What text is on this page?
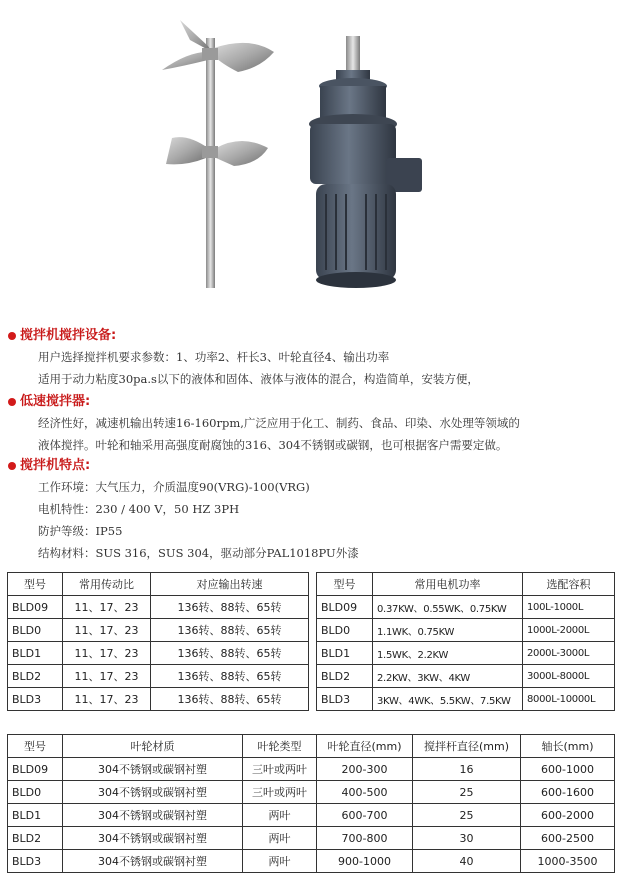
搅拌机搅拌设备:
用户选择搅拌机要求参数：1、功率2、杆长3、叶轮直径4、输出功率
适用于动力粘度30pa.s以下的液体和固体、液体与液体的混合，构造简单，安装方便，
低速搅拌器:
经济性好，减速机输出转速16-160rpm,广泛应用于化工、制药、食品、印染、水处理等领域的
液体搅拌。叶轮和轴采用高强度耐腐蚀的316、304不锈钢或碳钢，也可根据客户需要定做。
搅拌机特点:
工作环境：大气压力，介质温度90(VRG)-100(VRG)
电机特性：230 / 400 V，50 HZ 3PH
防护等级：IP55
结构材料：SUS 316，SUS 304，驱动部分PAL1018PU外漆
型号	常用传动比	对应输出转速
BLD09	11、17、23	136转、88转、65转
BLD0	11、17、23	136转、88转、65转
BLD1	11、17、23	136转、88转、65转
BLD2	11、17、23	136转、88转、65转
BLD3	11、17、23	136转、88转、65转
型号	常用电机功率	选配容积
BLD09	0.37KW、0.55WK、0.75KW	100L-1000L
BLD0	1.1WK、0.75KW	1000L-2000L
BLD1	1.5WK、2.2KW	2000L-3000L
BLD2	2.2KW、3KW、4KW	3000L-8000L
BLD3	3KW、4WK、5.5KW、7.5KW	8000L-10000L
型号	叶轮材质	叶轮类型	叶轮直径(mm)	搅拌杆直径(mm)	轴长(mm)
BLD09	304不锈钢或碳钢衬塑	三叶或两叶	200-300	16	600-1000
BLD0	304不锈钢或碳钢衬塑	三叶或两叶	400-500	25	600-1600
BLD1	304不锈钢或碳钢衬塑	两叶	600-700	25	600-2000
BLD2	304不锈钢或碳钢衬塑	两叶	700-800	30	600-2500
BLD3	304不锈钢或碳钢衬塑	两叶	900-1000	40	1000-3500
